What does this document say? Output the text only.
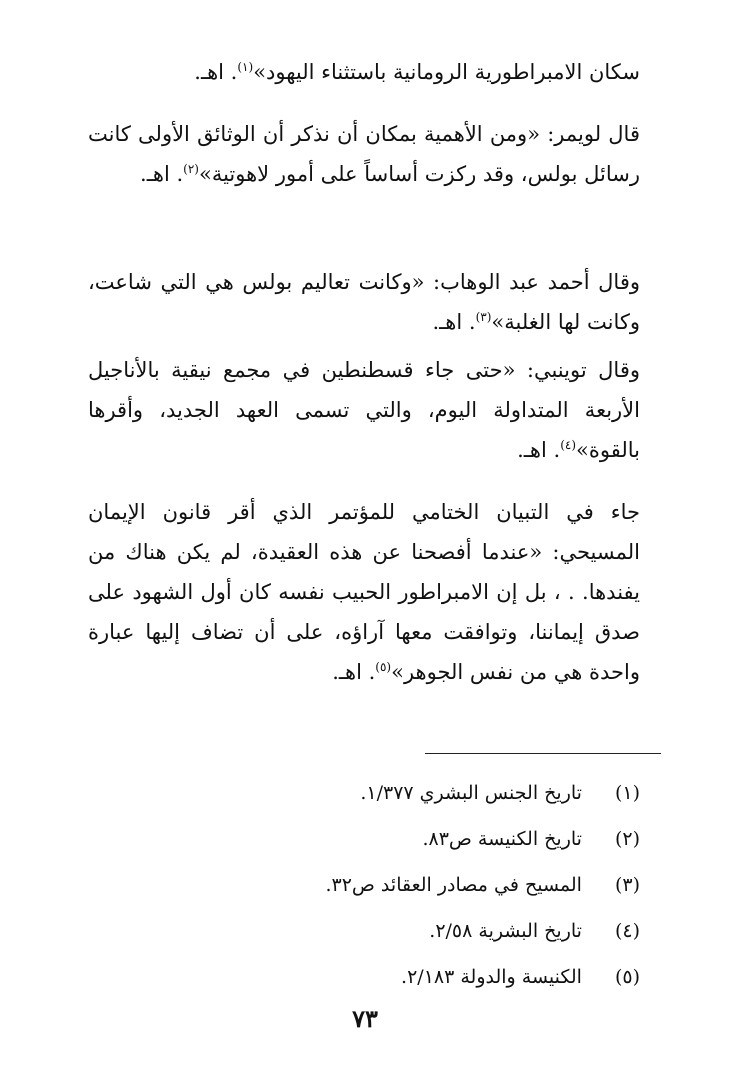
سكان الامبراطورية الرومانية باستثناء اليهود»$^{(١)}$. اهـ.

قال لويمر: «ومن الأهمية بمكان أن نذكر أن الوثائق الأولى كانت رسائل بولس، وقد ركزت أساساً على أمور لاهوتية»$^{(٢)}$. اهـ.

وقال أحمد عبد الوهاب: «وكانت تعاليم بولس هي التي شاعت، وكانت لها الغلبة»$^{(٣)}$. اهـ.

وقال توينبي: «حتى جاء قسطنطين في مجمع نيقية بالأناجيل الأربعة المتداولة اليوم، والتي تسمى العهد الجديد، وأقرها بالقوة»$^{(٤)}$. اهـ.

جاء في التبيان الختامي للمؤتمر الذي أقر قانون الإيمان المسيحي: «عندما أفصحنا عن هذه العقيدة، لم يكن هناك من يفندها. . ، بل إن الامبراطور الحبيب نفسه كان أول الشهود على صدق إيماننا، وتوافقت معها آراؤه، على أن تضاف إليها عبارة واحدة هي من نفس الجوهر»$^{(٥)}$. اهـ.

(١) تاريخ الجنس البشري ١/٣٧٧.
(٢) تاريخ الكنيسة ص٨٣.
(٣) المسيح في مصادر العقائد ص٣٢.
(٤) تاريخ البشرية ٢/٥٨.
(٥) الكنيسة والدولة ٢/١٨٣.
٧٣
